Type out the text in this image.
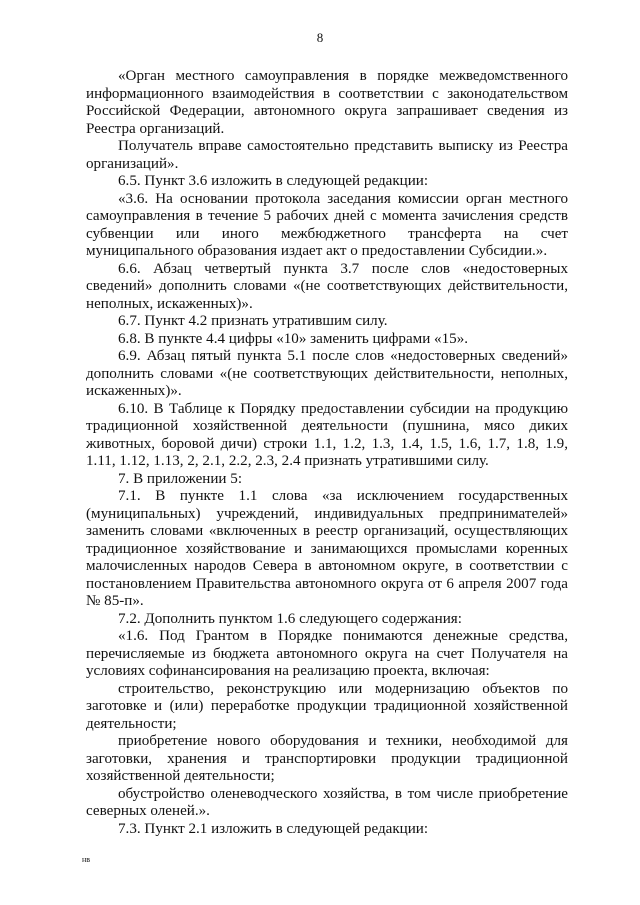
8

«Орган местного самоуправления в порядке межведомственного информационного взаимодействия в соответствии с законодательством Российской Федерации, автономного округа запрашивает сведения из Реестра организаций.

Получатель вправе самостоятельно представить выписку из Реестра организаций».

6.5. Пункт 3.6 изложить в следующей редакции:

«3.6. На основании протокола заседания комиссии орган местного самоуправления в течение 5 рабочих дней с момента зачисления средств субвенции или иного межбюджетного трансферта на счет муниципального образования издает акт о предоставлении Субсидии.».

6.6. Абзац четвертый пункта 3.7 после слов «недостоверных сведений» дополнить словами «(не соответствующих действительности, неполных, искаженных)».

6.7. Пункт 4.2 признать утратившим силу.

6.8. В пункте 4.4 цифры «10» заменить цифрами «15».

6.9. Абзац пятый пункта 5.1 после слов «недостоверных сведений» дополнить словами «(не соответствующих действительности, неполных, искаженных)».

6.10. В Таблице к Порядку предоставлении субсидии на продукцию традиционной хозяйственной деятельности (пушнина, мясо диких животных, боровой дичи) строки 1.1, 1.2, 1.3, 1.4, 1.5, 1.6, 1.7, 1.8, 1.9, 1.11, 1.12, 1.13, 2, 2.1, 2.2, 2.3, 2.4 признать утратившими силу.

7. В приложении 5:

7.1. В пункте 1.1 слова «за исключением государственных (муниципальных) учреждений, индивидуальных предпринимателей» заменить словами «включенных в реестр организаций, осуществляющих традиционное хозяйствование и занимающихся промыслами коренных малочисленных народов Севера в автономном округе, в соответствии с постановлением Правительства автономного округа от 6 апреля 2007 года № 85-п».

7.2. Дополнить пунктом 1.6 следующего содержания:

«1.6. Под Грантом в Порядке понимаются денежные средства, перечисляемые из бюджета автономного округа на счет Получателя на условиях софинансирования на реализацию проекта, включая:

строительство, реконструкцию или модернизацию объектов по заготовке и (или) переработке продукции традиционной хозяйственной деятельности;

приобретение нового оборудования и техники, необходимой для заготовки, хранения и транспортировки продукции традиционной хозяйственной деятельности;

обустройство оленеводческого хозяйства, в том числе приобретение северных оленей.».

7.3. Пункт 2.1 изложить в следующей редакции:

нв
